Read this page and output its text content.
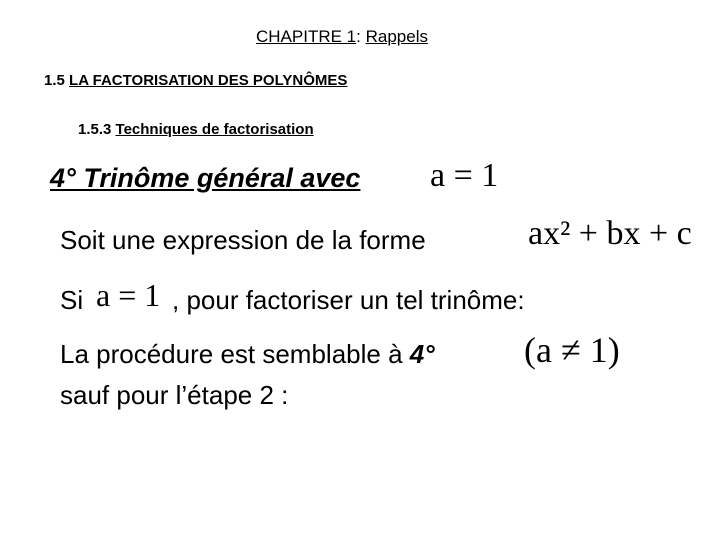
CHAPITRE 1: Rappels
1.5 LA FACTORISATION DES POLYNÔMES
1.5.3 Techniques de factorisation
4° Trinôme général avec a = 1
Soit une expression de la forme	ax² + bx + c
Si a = 1 , pour factoriser un tel trinôme:
La procédure est semblable à 4° (a ≠ 1)
sauf pour l’étape 2 :
